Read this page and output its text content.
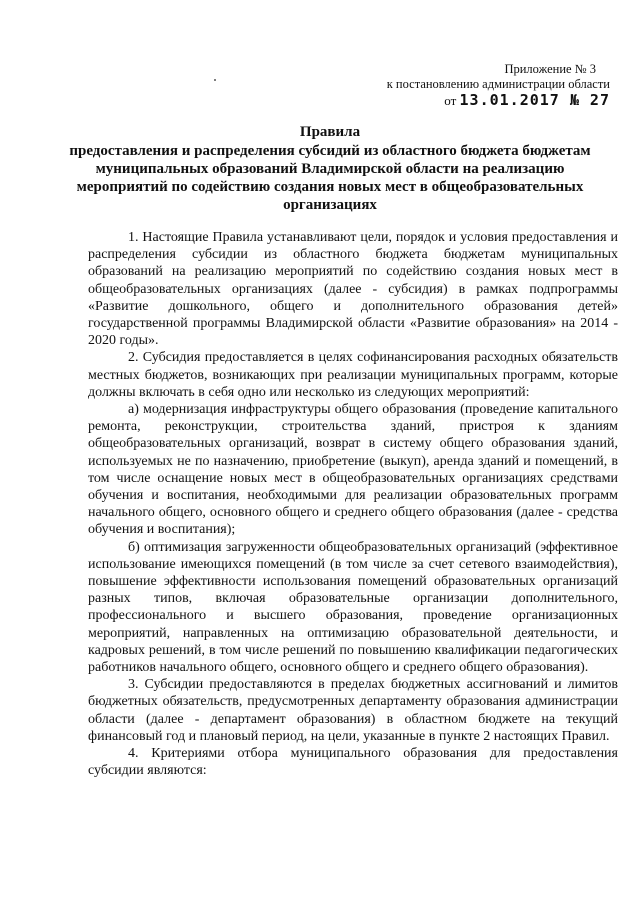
Приложение № 3
к постановлению администрации области
от 13.01.2017 № 27
Правила
предоставления и распределения субсидий из областного бюджета бюджетам муниципальных образований Владимирской области на реализацию мероприятий по содействию создания новых мест в общеобразовательных организациях

1. Настоящие Правила устанавливают цели, порядок и условия предоставления и распределения субсидии из областного бюджета бюджетам муниципальных образований на реализацию мероприятий по содействию создания новых мест в общеобразовательных организациях (далее - субсидия) в рамках подпрограммы «Развитие дошкольного, общего и дополнительного образования детей» государственной программы Владимирской области «Развитие образования» на 2014 - 2020 годы».

2. Субсидия предоставляется в целях софинансирования расходных обязательств местных бюджетов, возникающих при реализации муниципальных программ, которые должны включать в себя одно или несколько из следующих мероприятий:

а) модернизация инфраструктуры общего образования (проведение капитального ремонта, реконструкции, строительства зданий, пристроя к зданиям общеобразовательных организаций, возврат в систему общего образования зданий, используемых не по назначению, приобретение (выкуп), аренда зданий и помещений, в том числе оснащение новых мест в общеобразовательных организациях средствами обучения и воспитания, необходимыми для реализации образовательных программ начального общего, основного общего и среднего общего образования (далее - средства обучения и воспитания);

б) оптимизация загруженности общеобразовательных организаций (эффективное использование имеющихся помещений (в том числе за счет сетевого взаимодействия), повышение эффективности использования помещений образовательных организаций разных типов, включая образовательные организации дополнительного, профессионального и высшего образования, проведение организационных мероприятий, направленных на оптимизацию образовательной деятельности, и кадровых решений, в том числе решений по повышению квалификации педагогических работников начального общего, основного общего и среднего общего образования).

3. Субсидии предоставляются в пределах бюджетных ассигнований и лимитов бюджетных обязательств, предусмотренных департаменту образования администрации области (далее - департамент образования) в областном бюджете на текущий финансовый год и плановый период, на цели, указанные в пункте 2 настоящих Правил.

4. Критериями отбора муниципального образования для предоставления субсидии являются:
